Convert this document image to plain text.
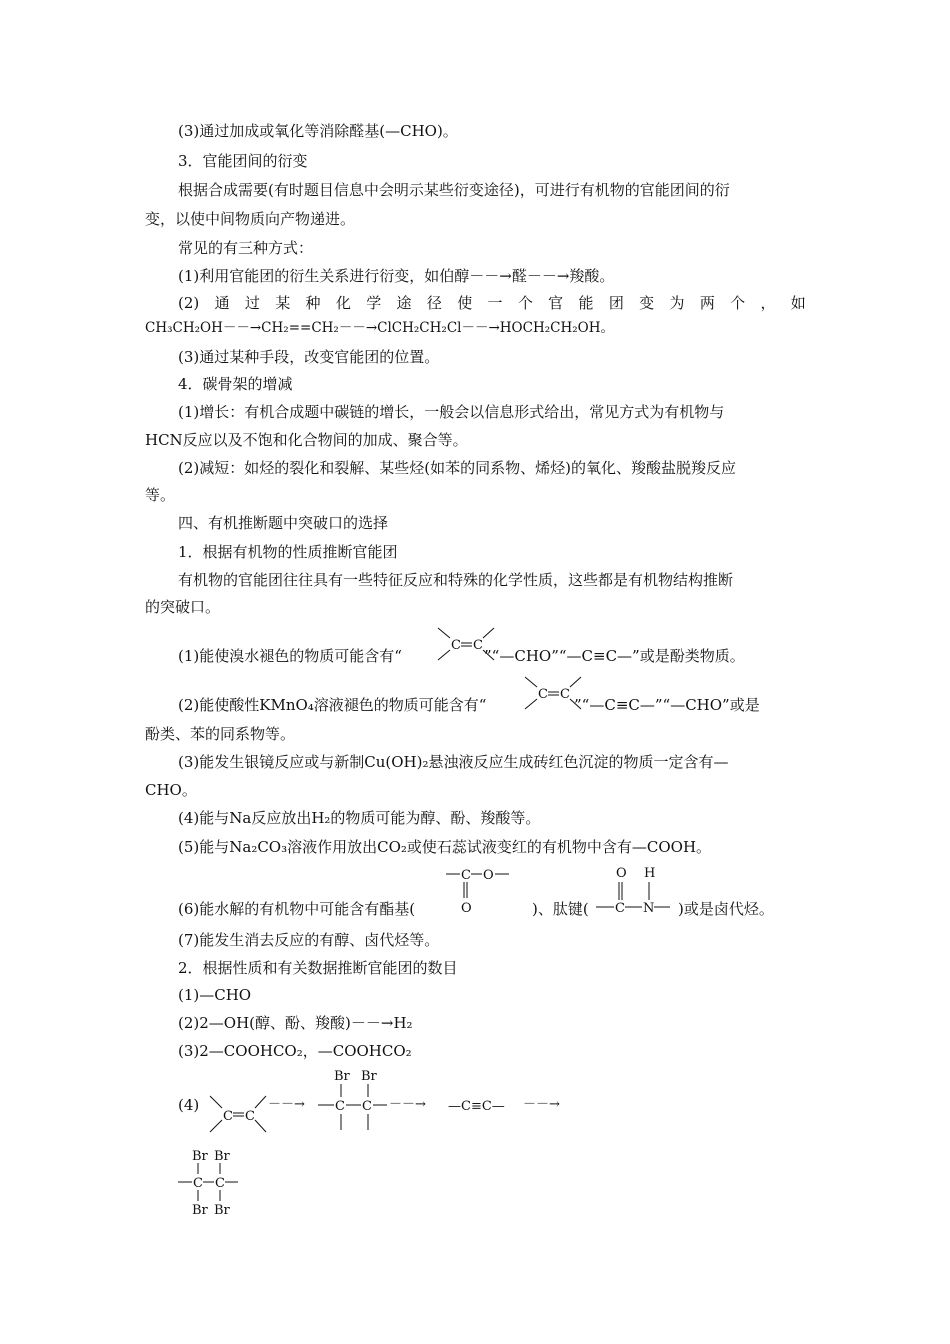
(3)通过加成或氧化等消除醛基(—CHO)。
3．官能团间的衍变
根据合成需要(有时题目信息中会明示某些衍变途径)，可进行有机物的官能团间的衍
变，以使中间物质向产物递进。
常见的有三种方式：
(1)利用官能团的衍生关系进行衍变，如伯醇－－→醛－－→羧酸。
(2) 通 过 某 种 化 学 途 径 使 一 个 官 能 团 变 为 两 个 ， 如
CH₃CH₂OH－－→CH₂==CH₂－－→ClCH₂CH₂Cl－－→HOCH₂CH₂OH。
(3)通过某种手段，改变官能团的位置。
4．碳骨架的增减
(1)增长：有机合成题中碳链的增长，一般会以信息形式给出，常见方式为有机物与
HCN反应以及不饱和化合物间的加成、聚合等。
(2)减短：如烃的裂化和裂解、某些烃(如苯的同系物、烯烃)的氧化、羧酸盐脱羧反应
等。
四、有机推断题中突破口的选择
1．根据有机物的性质推断官能团
有机物的官能团往往具有一些特征反应和特殊的化学性质，这些都是有机物结构推断
的突破口。
(1)能使溴水褪色的物质可能含有“	”“—CHO”“—C≡C—”或是酚类物质。
(2)能使酸性KMnO₄溶液褪色的物质可能含有“	”“—C≡C—”“—CHO”或是
酚类、苯的同系物等。
(3)能发生银镜反应或与新制Cu(OH)₂悬浊液反应生成砖红色沉淀的物质一定含有—
CHO。
(4)能与Na反应放出H₂的物质可能为醇、酚、羧酸等。
(5)能与Na₂CO₃溶液作用放出CO₂或使石蕊试液变红的有机物中含有—COOH。
(6)能水解的有机物中可能含有酯基(	)、肽键(	)或是卤代烃。
(7)能发生消去反应的有醇、卤代烃等。
2．根据性质和有关数据推断官能团的数目
(1)—CHO
(2)2—OH(醇、酚、羧酸)－－→H₂
(3)2—COOHCO₂，—COOHCO₂
(4)
C C
C C
C O
O
O H
C N
C C
－－→
Br Br
C C －－→ —C≡C— －－→
Br Br
C C
Br Br
